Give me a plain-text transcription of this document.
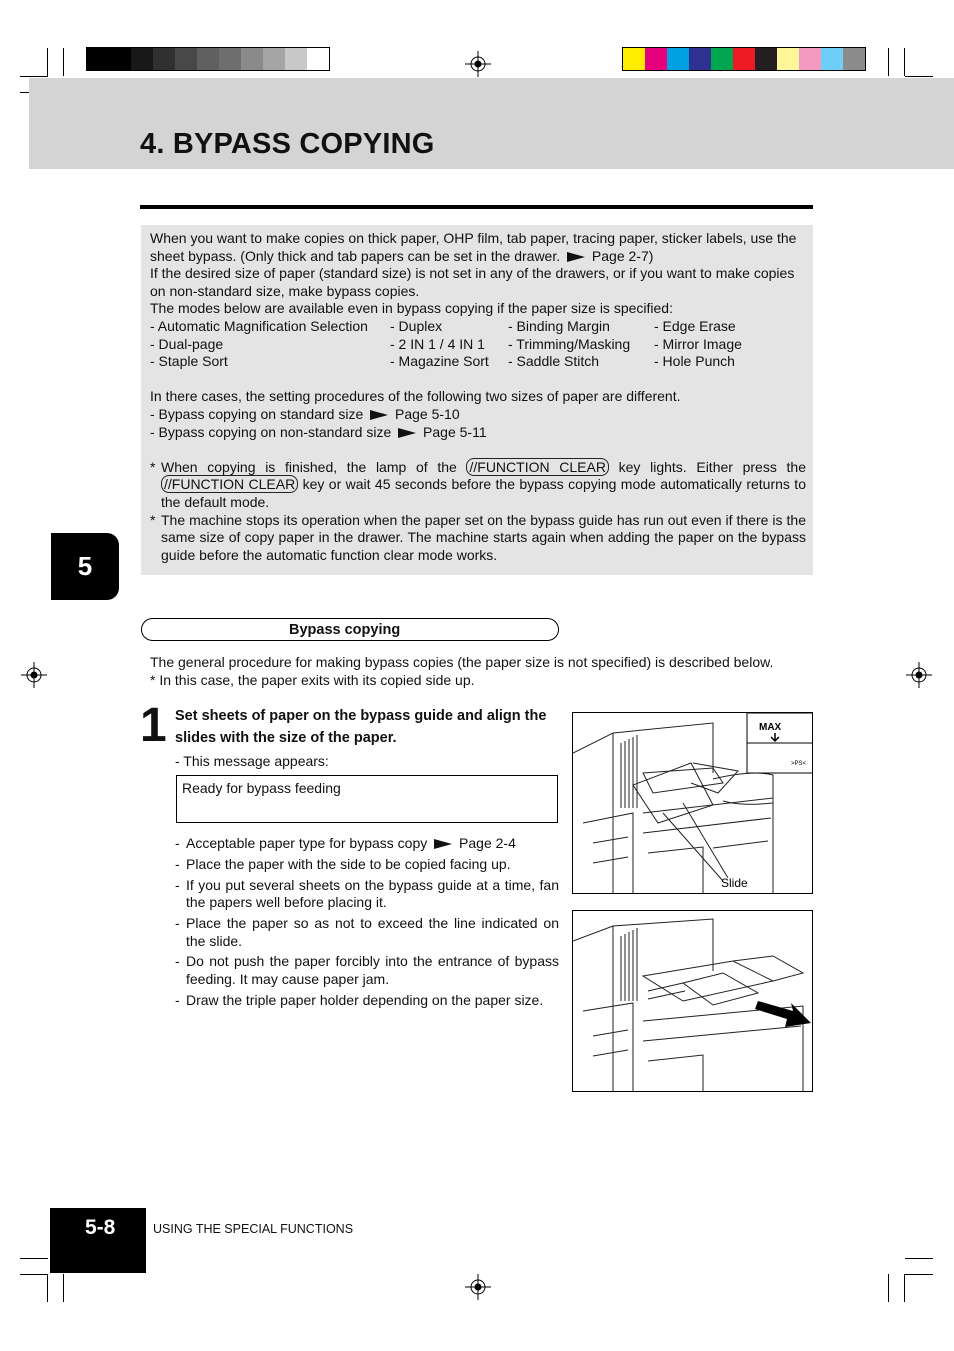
4. BYPASS COPYING

When you want to make copies on thick paper, OHP film, tab paper, tracing paper, sticker labels, use the sheet bypass. (Only thick and tab papers can be set in the drawer. Page 2-7)

If the desired size of paper (standard size) is not set in any of the drawers, or if you want to make copies on non-standard size, make bypass copies.

The modes below are available even in bypass copying if the paper size is specified:

- Automatic Magnification Selection	- Duplex	- Binding Margin	- Edge Erase
- Dual-page	- 2 IN 1 / 4 IN 1	- Trimming/Masking	- Mirror Image
- Staple Sort	- Magazine Sort	- Saddle Stitch	- Hole Punch

In there cases, the setting procedures of the following two sizes of paper are different.

- Bypass copying on standard size Page 5-10

- Bypass copying on non-standard size Page 5-11

* When copying is finished, the lamp of the //FUNCTION CLEAR key lights. Either press the //FUNCTION CLEAR key or wait 45 seconds before the bypass copying mode automatically returns to the default mode.
* The machine stops its operation when the paper set on the bypass guide has run out even if there is the same size of copy paper in the drawer. The machine starts again when adding the paper on the bypass guide before the automatic function clear mode works.
5
Bypass copying

The general procedure for making bypass copies (the paper size is not specified) is described below.

* In this case, the paper exits with its copied side up.

1 Set sheets of paper on the bypass guide and align the slides with the size of the paper.
- This message appears:
Ready for bypass feeding
- Acceptable paper type for bypass copy Page 2-4
- Place the paper with the side to be copied facing up.
- If you put several sheets on the bypass guide at a time, fan the papers well before placing it.
- Place the paper so as not to exceed the line indicated on the slide.
- Do not push the paper forcibly into the entrance of bypass feeding. It may cause paper jam.
- Draw the triple paper holder depending on the paper size.
MAX
>PS<
Slide
5-8	USING THE SPECIAL FUNCTIONS
